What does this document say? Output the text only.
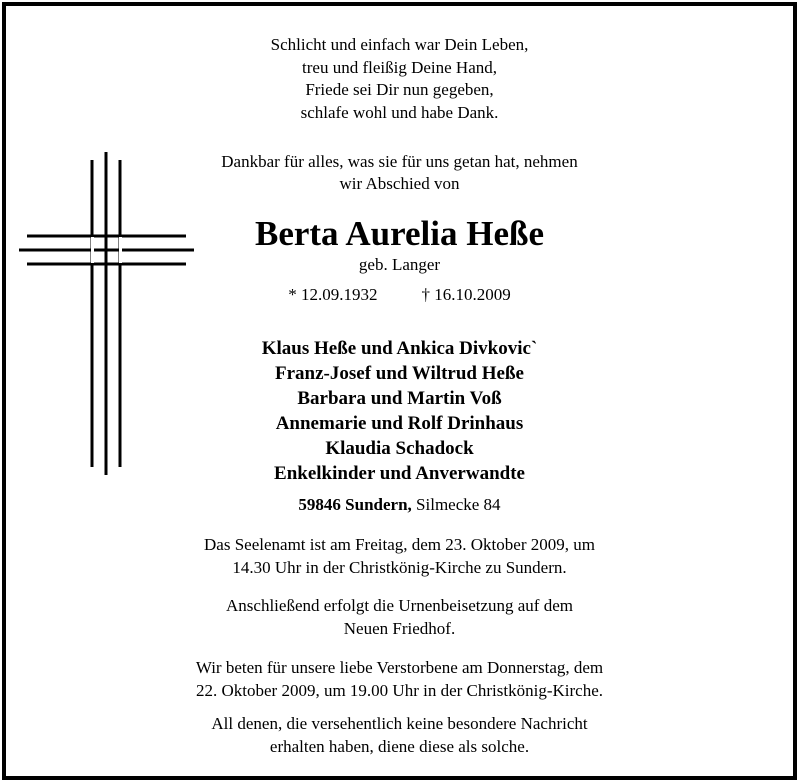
Schlicht und einfach war Dein Leben,
treu und fleißig Deine Hand,
Friede sei Dir nun gegeben,
schlafe wohl und habe Dank.
Dankbar für alles, was sie für uns getan hat, nehmen
wir Abschied von
Berta Aurelia Heße
geb. Langer
* 12.09.1932	† 16.10.2009
Klaus Heße und Ankica Divkovic`
Franz-Josef und Wiltrud Heße
Barbara und Martin Voß
Annemarie und Rolf Drinhaus
Klaudia Schadock
Enkelkinder und Anverwandte
59846 Sundern, Silmecke 84
Das Seelenamt ist am Freitag, dem 23. Oktober 2009, um
14.30 Uhr in der Christkönig-Kirche zu Sundern.
Anschließend erfolgt die Urnenbeisetzung auf dem
Neuen Friedhof.
Wir beten für unsere liebe Verstorbene am Donnerstag, dem
22. Oktober 2009, um 19.00 Uhr in der Christkönig-Kirche.
All denen, die versehentlich keine besondere Nachricht
erhalten haben, diene diese als solche.
